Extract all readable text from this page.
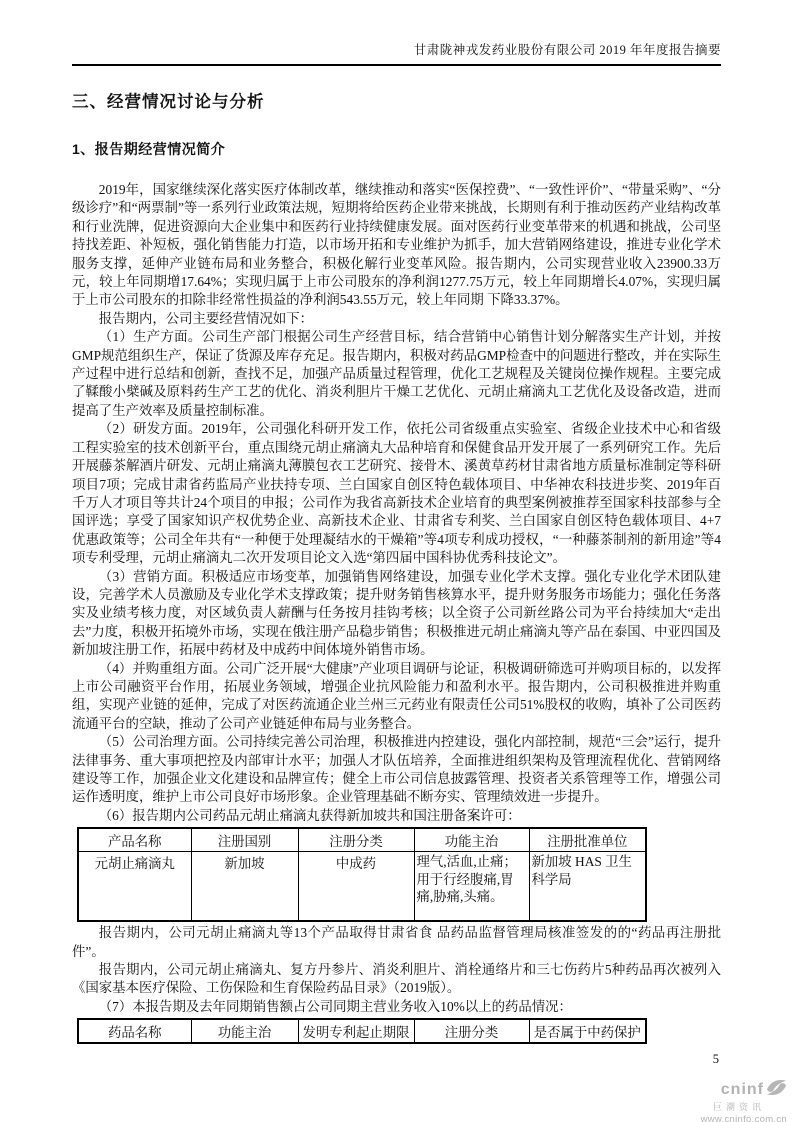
甘肃陇神戎发药业股份有限公司 2019 年年度报告摘要
三、经营情况讨论与分析
1、报告期经营情况简介

2019年，国家继续深化落实医疗体制改革，继续推动和落实“医保控费”、“一致性评价”、“带量采购”、“分级诊疗”和“两票制”等一系列行业政策法规，短期将给医药企业带来挑战，长期则有利于推动医药产业结构改革和行业洗牌，促进资源向大企业集中和医药行业持续健康发展。面对医药行业变革带来的机遇和挑战，公司坚持找差距、补短板，强化销售能力打造，以市场开拓和专业维护为抓手，加大营销网络建设，推进专业化学术服务支撑，延伸产业链布局和业务整合，积极化解行业变革风险。报告期内，公司实现营业收入23900.33万元，较上年同期增17.64%；实现归属于上市公司股东的净利润1277.75万元，较上年同期增长4.07%，实现归属于上市公司股东的扣除非经常性损益的净利润543.55万元，较上年同期 下降33.37%。

报告期内，公司主要经营情况如下：

（1）生产方面。公司生产部门根据公司生产经营目标，结合营销中心销售计划分解落实生产计划，并按GMP规范组织生产，保证了货源及库存充足。报告期内，积极对药品GMP检查中的问题进行整改，并在实际生产过程中进行总结和创新，查找不足，加强产品质量过程管理，优化工艺规程及关键岗位操作规程。主要完成了鞣酸小檗碱及原料药生产工艺的优化、消炎利胆片干燥工艺优化、元胡止痛滴丸工艺优化及设备改造，进而提高了生产效率及质量控制标准。

（2）研发方面。2019年，公司强化科研开发工作，依托公司省级重点实验室、省级企业技术中心和省级工程实验室的技术创新平台，重点围绕元胡止痛滴丸大品种培育和保健食品开发开展了一系列研究工作。先后开展藤茶解酒片研发、元胡止痛滴丸薄膜包衣工艺研究、接骨木、溪黄草药材甘肃省地方质量标准制定等科研项目7项；完成甘肃省药监局产业扶持专项、兰白国家自创区特色载体项目、中华神农科技进步奖、2019年百千万人才项目等共计24个项目的申报；公司作为我省高新技术企业培育的典型案例被推荐至国家科技部参与全国评选；享受了国家知识产权优势企业、高新技术企业、甘肃省专利奖、兰白国家自创区特色载体项目、4+7优惠政策等；公司全年共有“一种便于处理凝结水的干燥箱”等4项专利成功授权，“一种藤茶制剂的新用途”等4项专利受理，元胡止痛滴丸二次开发项目论文入选“第四届中国科协优秀科技论文”。

（3）营销方面。积极适应市场变革，加强销售网络建设，加强专业化学术支撑。强化专业化学术团队建设，完善学术人员激励及专业化学术支撑政策；提升财务销售核算水平，提升财务服务市场能力；强化任务落实及业绩考核力度，对区域负责人薪酬与任务按月挂钩考核；以全资子公司新丝路公司为平台持续加大“走出去”力度，积极开拓境外市场，实现在俄注册产品稳步销售；积极推进元胡止痛滴丸等产品在泰国、中亚四国及新加坡注册工作，拓展中药材及中成药中间体境外销售市场。

（4）并购重组方面。公司广泛开展“大健康”产业项目调研与论证，积极调研筛选可并购项目标的，以发挥上市公司融资平台作用，拓展业务领域，增强企业抗风险能力和盈利水平。报告期内，公司积极推进并购重组，实现产业链的延伸，完成了对医药流通企业兰州三元药业有限责任公司51%股权的收购，填补了公司医药流通平台的空缺，推动了公司产业链延伸布局与业务整合。

（5）公司治理方面。公司持续完善公司治理，积极推进内控建设，强化内部控制，规范“三会”运行，提升法律事务、重大事项把控及内部审计水平；加强人才队伍培养，全面推进组织架构及管理流程优化、营销网络建设等工作，加强企业文化建设和品牌宣传；健全上市公司信息披露管理、投资者关系管理等工作，增强公司运作透明度，维护上市公司良好市场形象。企业管理基础不断夯实、管理绩效进一步提升。

（6）报告期内公司药品元胡止痛滴丸获得新加坡共和国注册备案许可：

产品名称	注册国别	注册分类	功能主治	注册批准单位
元胡止痛滴丸	新加坡	中成药	理气,活血,止痛；用于行经腹痛,胃痛,胁痛,头痛。	新加坡 HAS 卫生科学局

报告期内，公司元胡止痛滴丸等13个产品取得甘肃省食 品药品监督管理局核准签发的的“药品再注册批件”。

报告期内，公司元胡止痛滴丸、复方丹参片、消炎利胆片、消栓通络片和三七伤药片5种药品再次被列入《国家基本医疗保险、工伤保险和生育保险药品目录》（2019版）。

（7）本报告期及去年同期销售额占公司同期主营业务收入10%以上的药品情况：

药品名称	功能主治	发明专利起止期限	注册分类	是否属于中药保护
5
cninf
巨潮资讯
www.cninfo.com.cn
